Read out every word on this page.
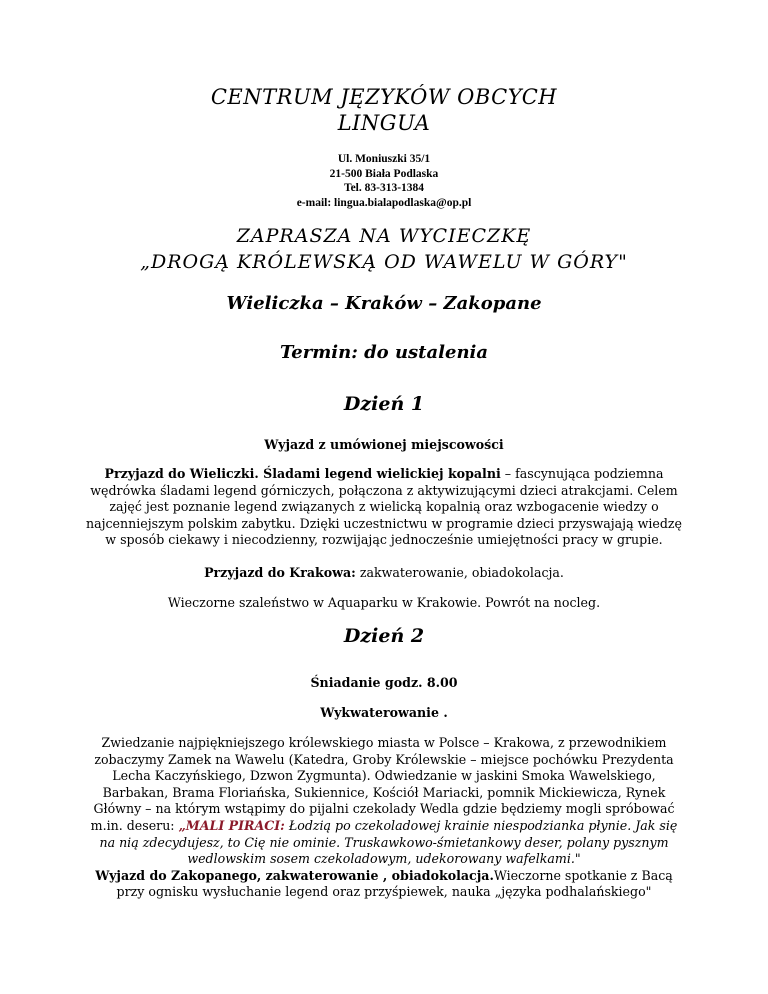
CENTRUM JĘZYKÓW OBCYCH
LINGUA
Ul. Moniuszki 35/1
21-500 Biała Podlaska
Tel. 83-313-1384
e-mail: lingua.bialapodlaska@op.pl
ZAPRASZA NA WYCIECZKĘ
„DROGĄ KRÓLEWSKĄ OD WAWELU W GÓRY"
Wieliczka – Kraków – Zakopane
Termin: do ustalenia
Dzień 1
Wyjazd z umówionej miejscowości

Przyjazd do Wieliczki. Śladami legend wielickiej kopalni – fascynująca podziemna wędrówka śladami legend górniczych, połączona z aktywizującymi dzieci atrakcjami. Celem zajęć jest poznanie legend związanych z wielicką kopalnią oraz wzbogacenie wiedzy o najcenniejszym polskim zabytku. Dzięki uczestnictwu w programie dzieci przyswajają wiedzę w sposób ciekawy i niecodzienny, rozwijając jednocześnie umiejętności pracy w grupie.

Przyjazd do Krakowa: zakwaterowanie, obiadokolacja.

Wieczorne szaleństwo w Aquaparku w Krakowie. Powrót na nocleg.
Dzień 2
Śniadanie godz. 8.00
Wykwaterowanie .

Zwiedzanie najpiękniejszego królewskiego miasta w Polsce – Krakowa, z przewodnikiem zobaczymy Zamek na Wawelu (Katedra, Groby Królewskie – miejsce pochówku Prezydenta Lecha Kaczyńskiego, Dzwon Zygmunta). Odwiedzanie w jaskini Smoka Wawelskiego, Barbakan, Brama Floriańska, Sukiennice, Kościół Mariacki, pomnik Mickiewicza, Rynek Główny – na którym wstąpimy do pijalni czekolady Wedla gdzie będziemy mogli spróbować m.in. deseru: „MALI PIRACI: Łodzią po czekoladowej krainie niespodzianka płynie. Jak się na nią zdecydujesz, to Cię nie ominie. Truskawkowo-śmietankowy deser, polany pysznym wedlowskim sosem czekoladowym, udekorowany wafelkami."
Wyjazd do Zakopanego, zakwaterowanie , obiadokolacja.Wieczorne spotkanie z Bacą przy ognisku wysłuchanie legend oraz przyśpiewek, nauka „języka podhalańskiego"
